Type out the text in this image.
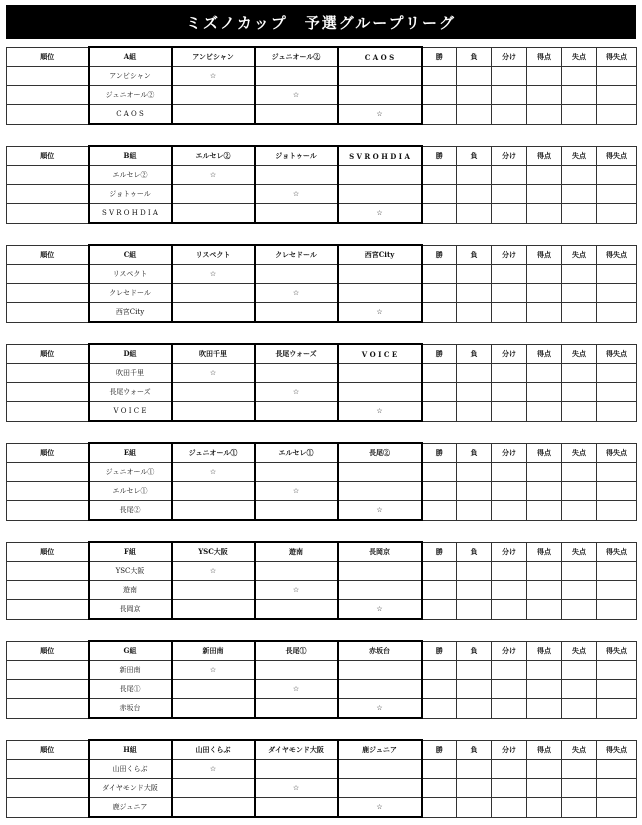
ミズノカップ　予選グループリーグ
順位	A組	アンビシャン	ジュニオール②	C A O S	勝	負	分け	得点	失点	得失点
	アンビシャン	☆								
	ジュニオール②		☆							
	C A O S			☆						
順位	B組	エルセレ②	ジョトゥール	S V R O H D I A	勝	負	分け	得点	失点	得失点
	エルセレ②	☆								
	ジョトゥール		☆							
	S V R O H D I A			☆						
順位	C組	リスペクト	クレセドール	西宮City	勝	負	分け	得点	失点	得失点
	リスペクト	☆								
	クレセドール		☆							
	西宮City			☆						
順位	D組	吹田千里	長尾ウォーズ	V O I C E	勝	負	分け	得点	失点	得失点
	吹田千里	☆								
	長尾ウォーズ		☆							
	V O I C E			☆						
順位	E組	ジュニオール①	エルセレ①	長尾②	勝	負	分け	得点	失点	得失点
	ジュニオール①	☆								
	エルセレ①		☆							
	長尾②			☆						
順位	F組	YSC大阪	遊南	長岡京	勝	負	分け	得点	失点	得失点
	YSC大阪	☆								
	遊南		☆							
	長岡京			☆						
順位	G組	新田南	長尾①	赤坂台	勝	負	分け	得点	失点	得失点
	新田南	☆								
	長尾①		☆							
	赤坂台			☆						
順位	H組	山田くらぶ	ダイヤモンド大阪	鹿ジュニア	勝	負	分け	得点	失点	得失点
	山田くらぶ	☆								
	ダイヤモンド大阪		☆							
	鹿ジュニア			☆						
